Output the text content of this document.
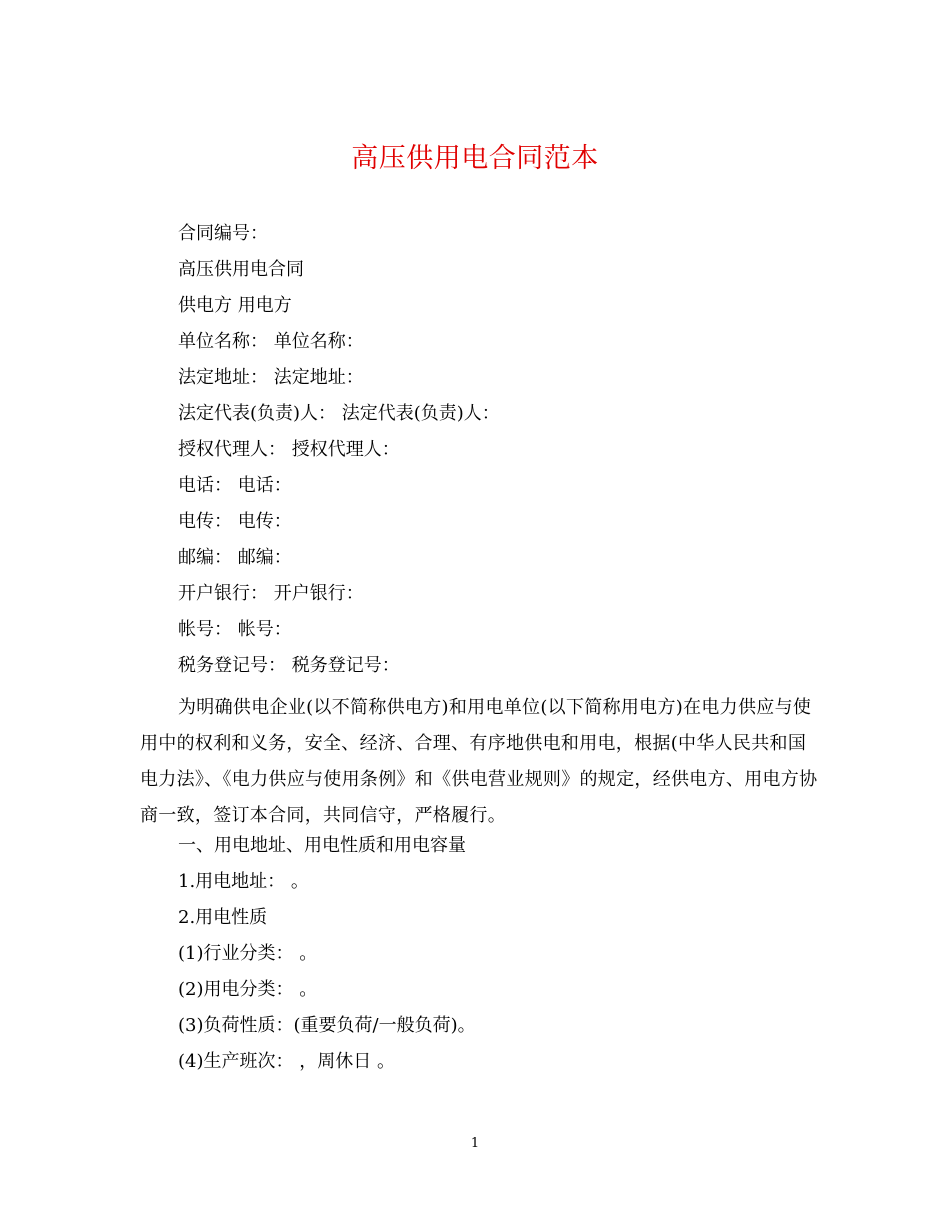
高压供用电合同范本
合同编号：
高压供用电合同
供电方 用电方
单位名称： 单位名称：
法定地址： 法定地址：
法定代表(负责)人： 法定代表(负责)人：
授权代理人： 授权代理人：
电话： 电话：
电传： 电传：
邮编： 邮编：
开户银行： 开户银行：
帐号： 帐号：
税务登记号： 税务登记号：
为明确供电企业(以不简称供电方)和用电单位(以下简称用电方)在电力供应与使用中的权利和义务，安全、经济、合理、有序地供电和用电，根据(中华人民共和国电力法》、《电力供应与使用条例》和《供电营业规则》的规定，经供电方、用电方协商一致，签订本合同，共同信守，严格履行。
一、用电地址、用电性质和用电容量
1.用电地址： 。
2.用电性质
(1)行业分类： 。
(2)用电分类： 。
(3)负荷性质：(重要负荷/一般负荷)。
(4)生产班次： ，周休日 。
1
